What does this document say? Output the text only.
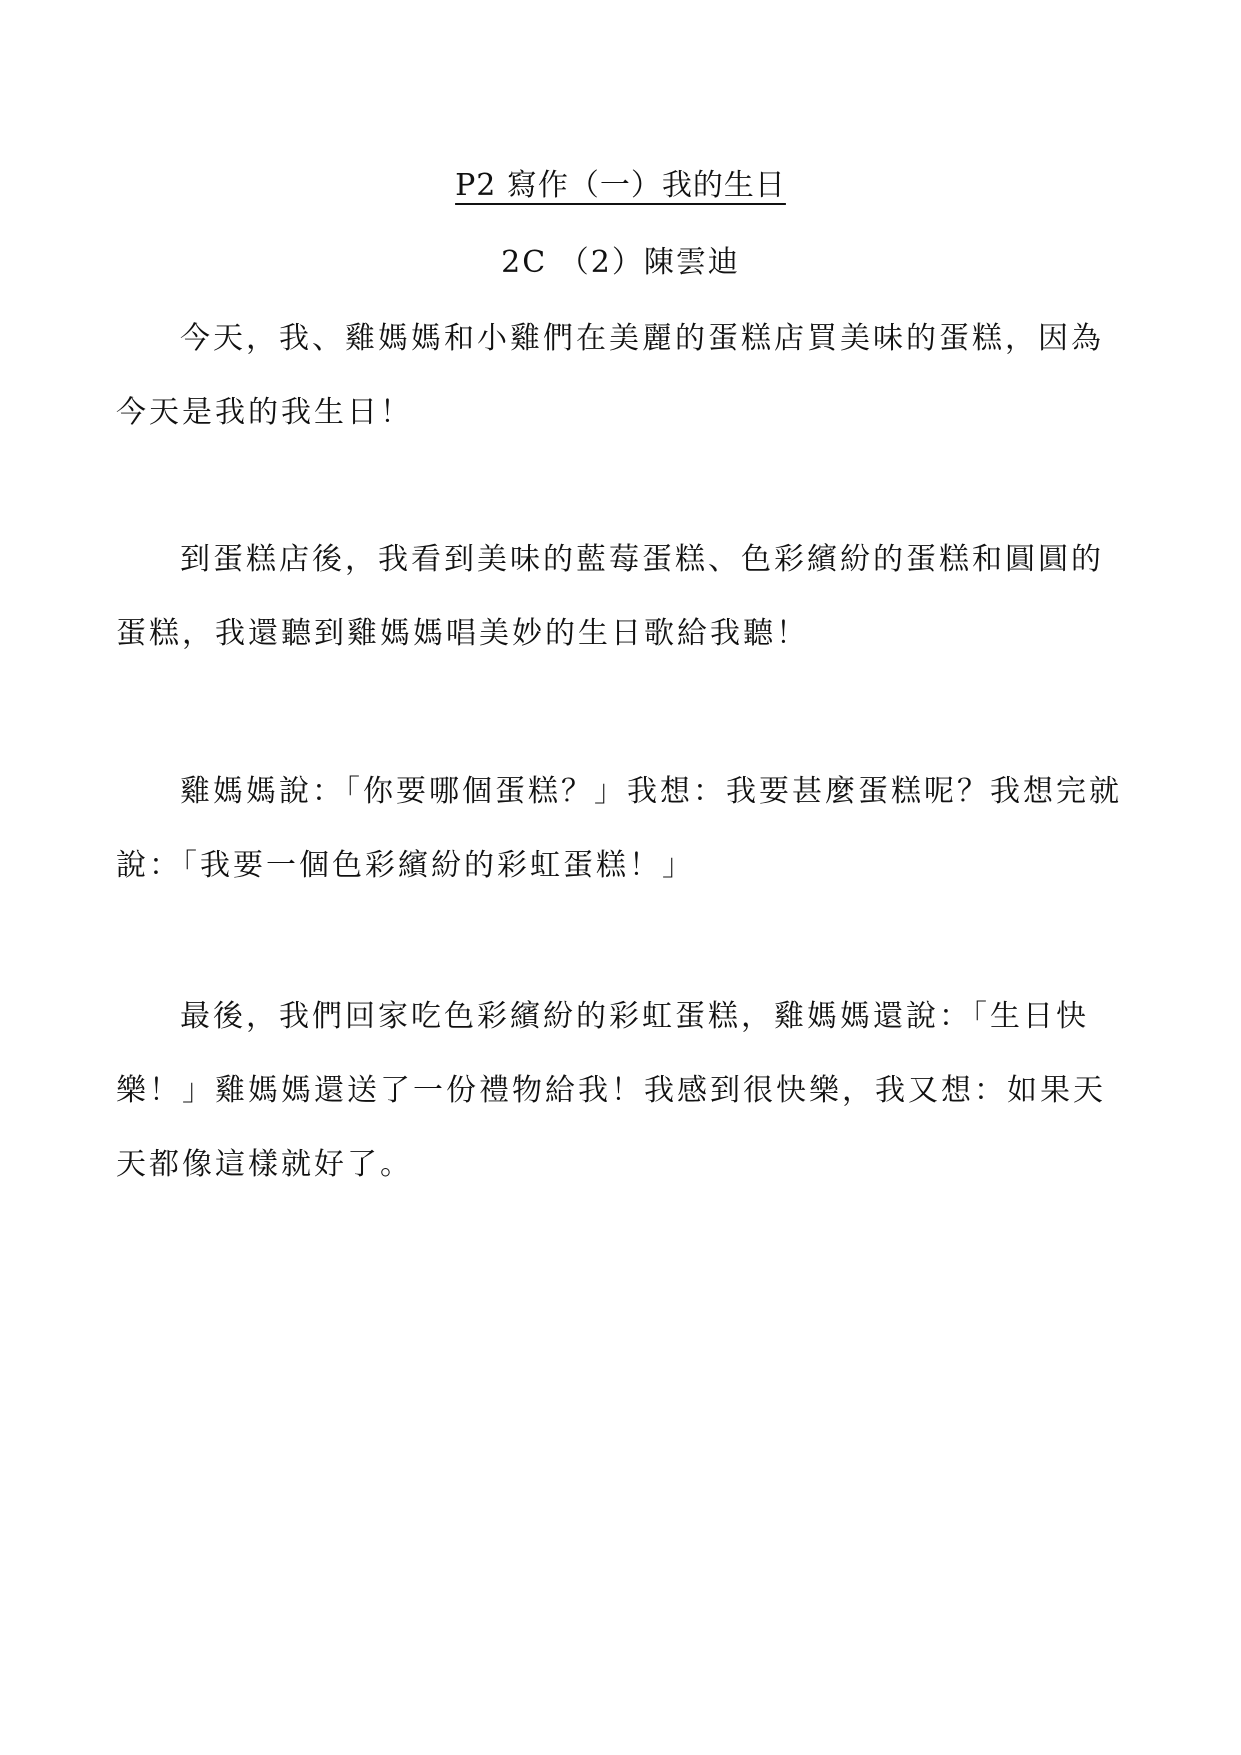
P2 寫作（一）我的生日
2C （2）陳雲迪

今天，我、雞媽媽和小雞們在美麗的蛋糕店買美味的蛋糕，因為今天是我的我生日！

到蛋糕店後，我看到美味的藍莓蛋糕、色彩繽紛的蛋糕和圓圓的蛋糕，我還聽到雞媽媽唱美妙的生日歌給我聽！

雞媽媽說：「你要哪個蛋糕？」我想：我要甚麼蛋糕呢？我想完就說：「我要一個色彩繽紛的彩虹蛋糕！」

最後，我們回家吃色彩繽紛的彩虹蛋糕，雞媽媽還說：「生日快樂！」雞媽媽還送了一份禮物給我！我感到很快樂，我又想：如果天天都像這樣就好了。
